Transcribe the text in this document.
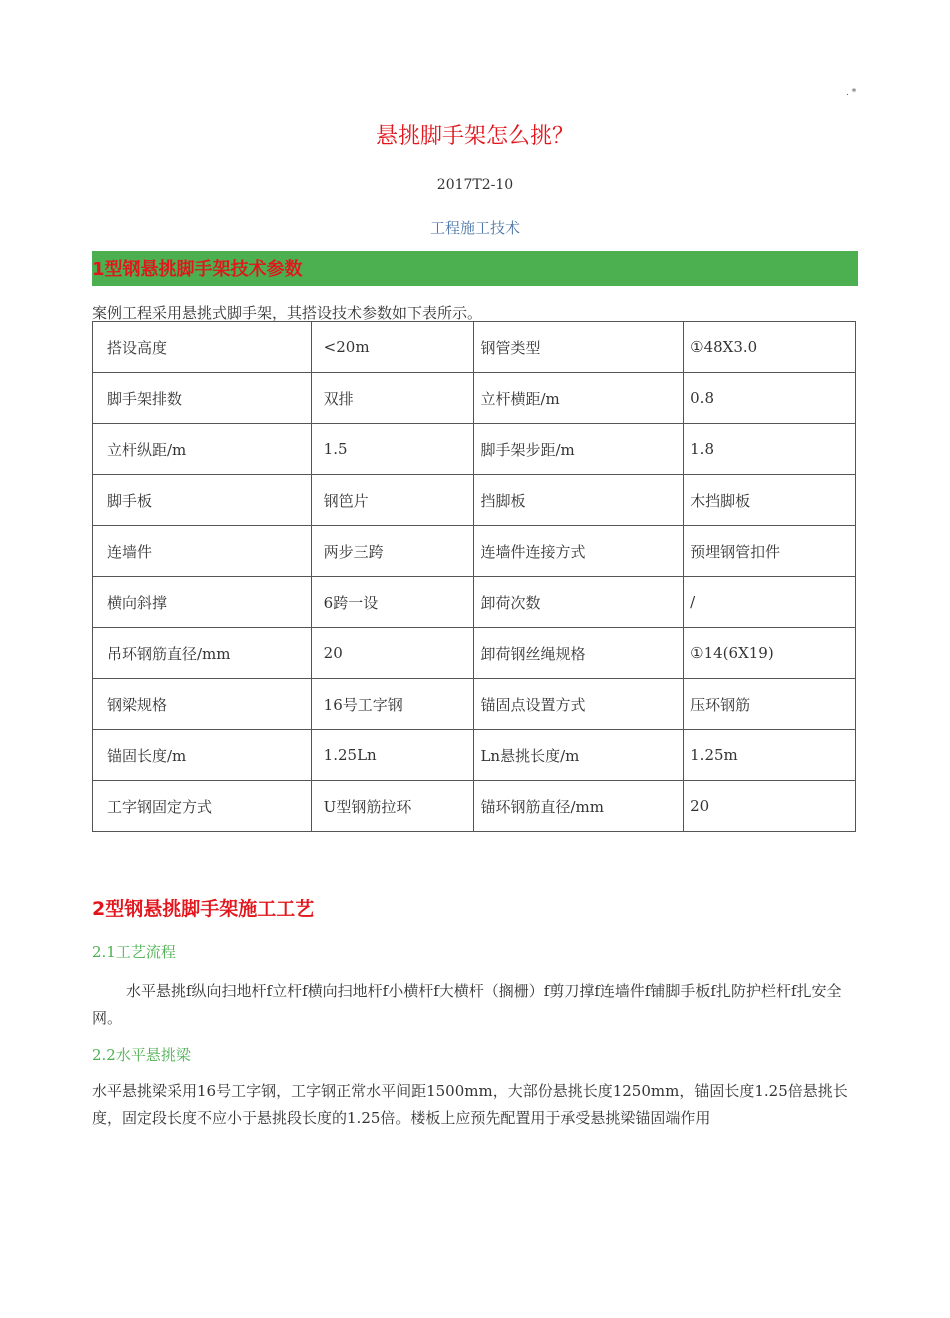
. *
悬挑脚手架怎么挑？
2017T2-10
工程施工技术
1型钢悬挑脚手架技术参数
案例工程采用悬挑式脚手架，其搭设技术参数如下表所示。
搭设高度	<20m	钢管类型	①48X3.0
脚手架排数	双排	立杆横距/m	0.8
立杆纵距/m	1.5	脚手架步距/m	1.8
脚手板	钢笆片	挡脚板	木挡脚板
连墙件	两步三跨	连墙件连接方式	预埋钢管扣件
横向斜撑	6跨一设	卸荷次数	/
吊环钢筋直径/mm	20	卸荷钢丝绳规格	①14(6X19)
钢梁规格	16号工字钢	锚固点设置方式	压环钢筋
锚固长度/m	1.25Ln	Ln悬挑长度/m	1.25m
工字钢固定方式	U型钢筋拉环	锚环钢筋直径/mm	20
2型钢悬挑脚手架施工工艺
2.1工艺流程
水平悬挑f纵向扫地杆f立杆f横向扫地杆f小横杆f大横杆（搁栅）f剪刀撑f连墙件f铺脚手板f扎防护栏杆f扎安全网。
2.2水平悬挑梁
水平悬挑梁采用16号工字钢，工字钢正常水平间距1500mm，大部份悬挑长度1250mm，锚固长度1.25倍悬挑长度，固定段长度不应小于悬挑段长度的1.25倍。楼板上应预先配置用于承受悬挑梁锚固端作用
